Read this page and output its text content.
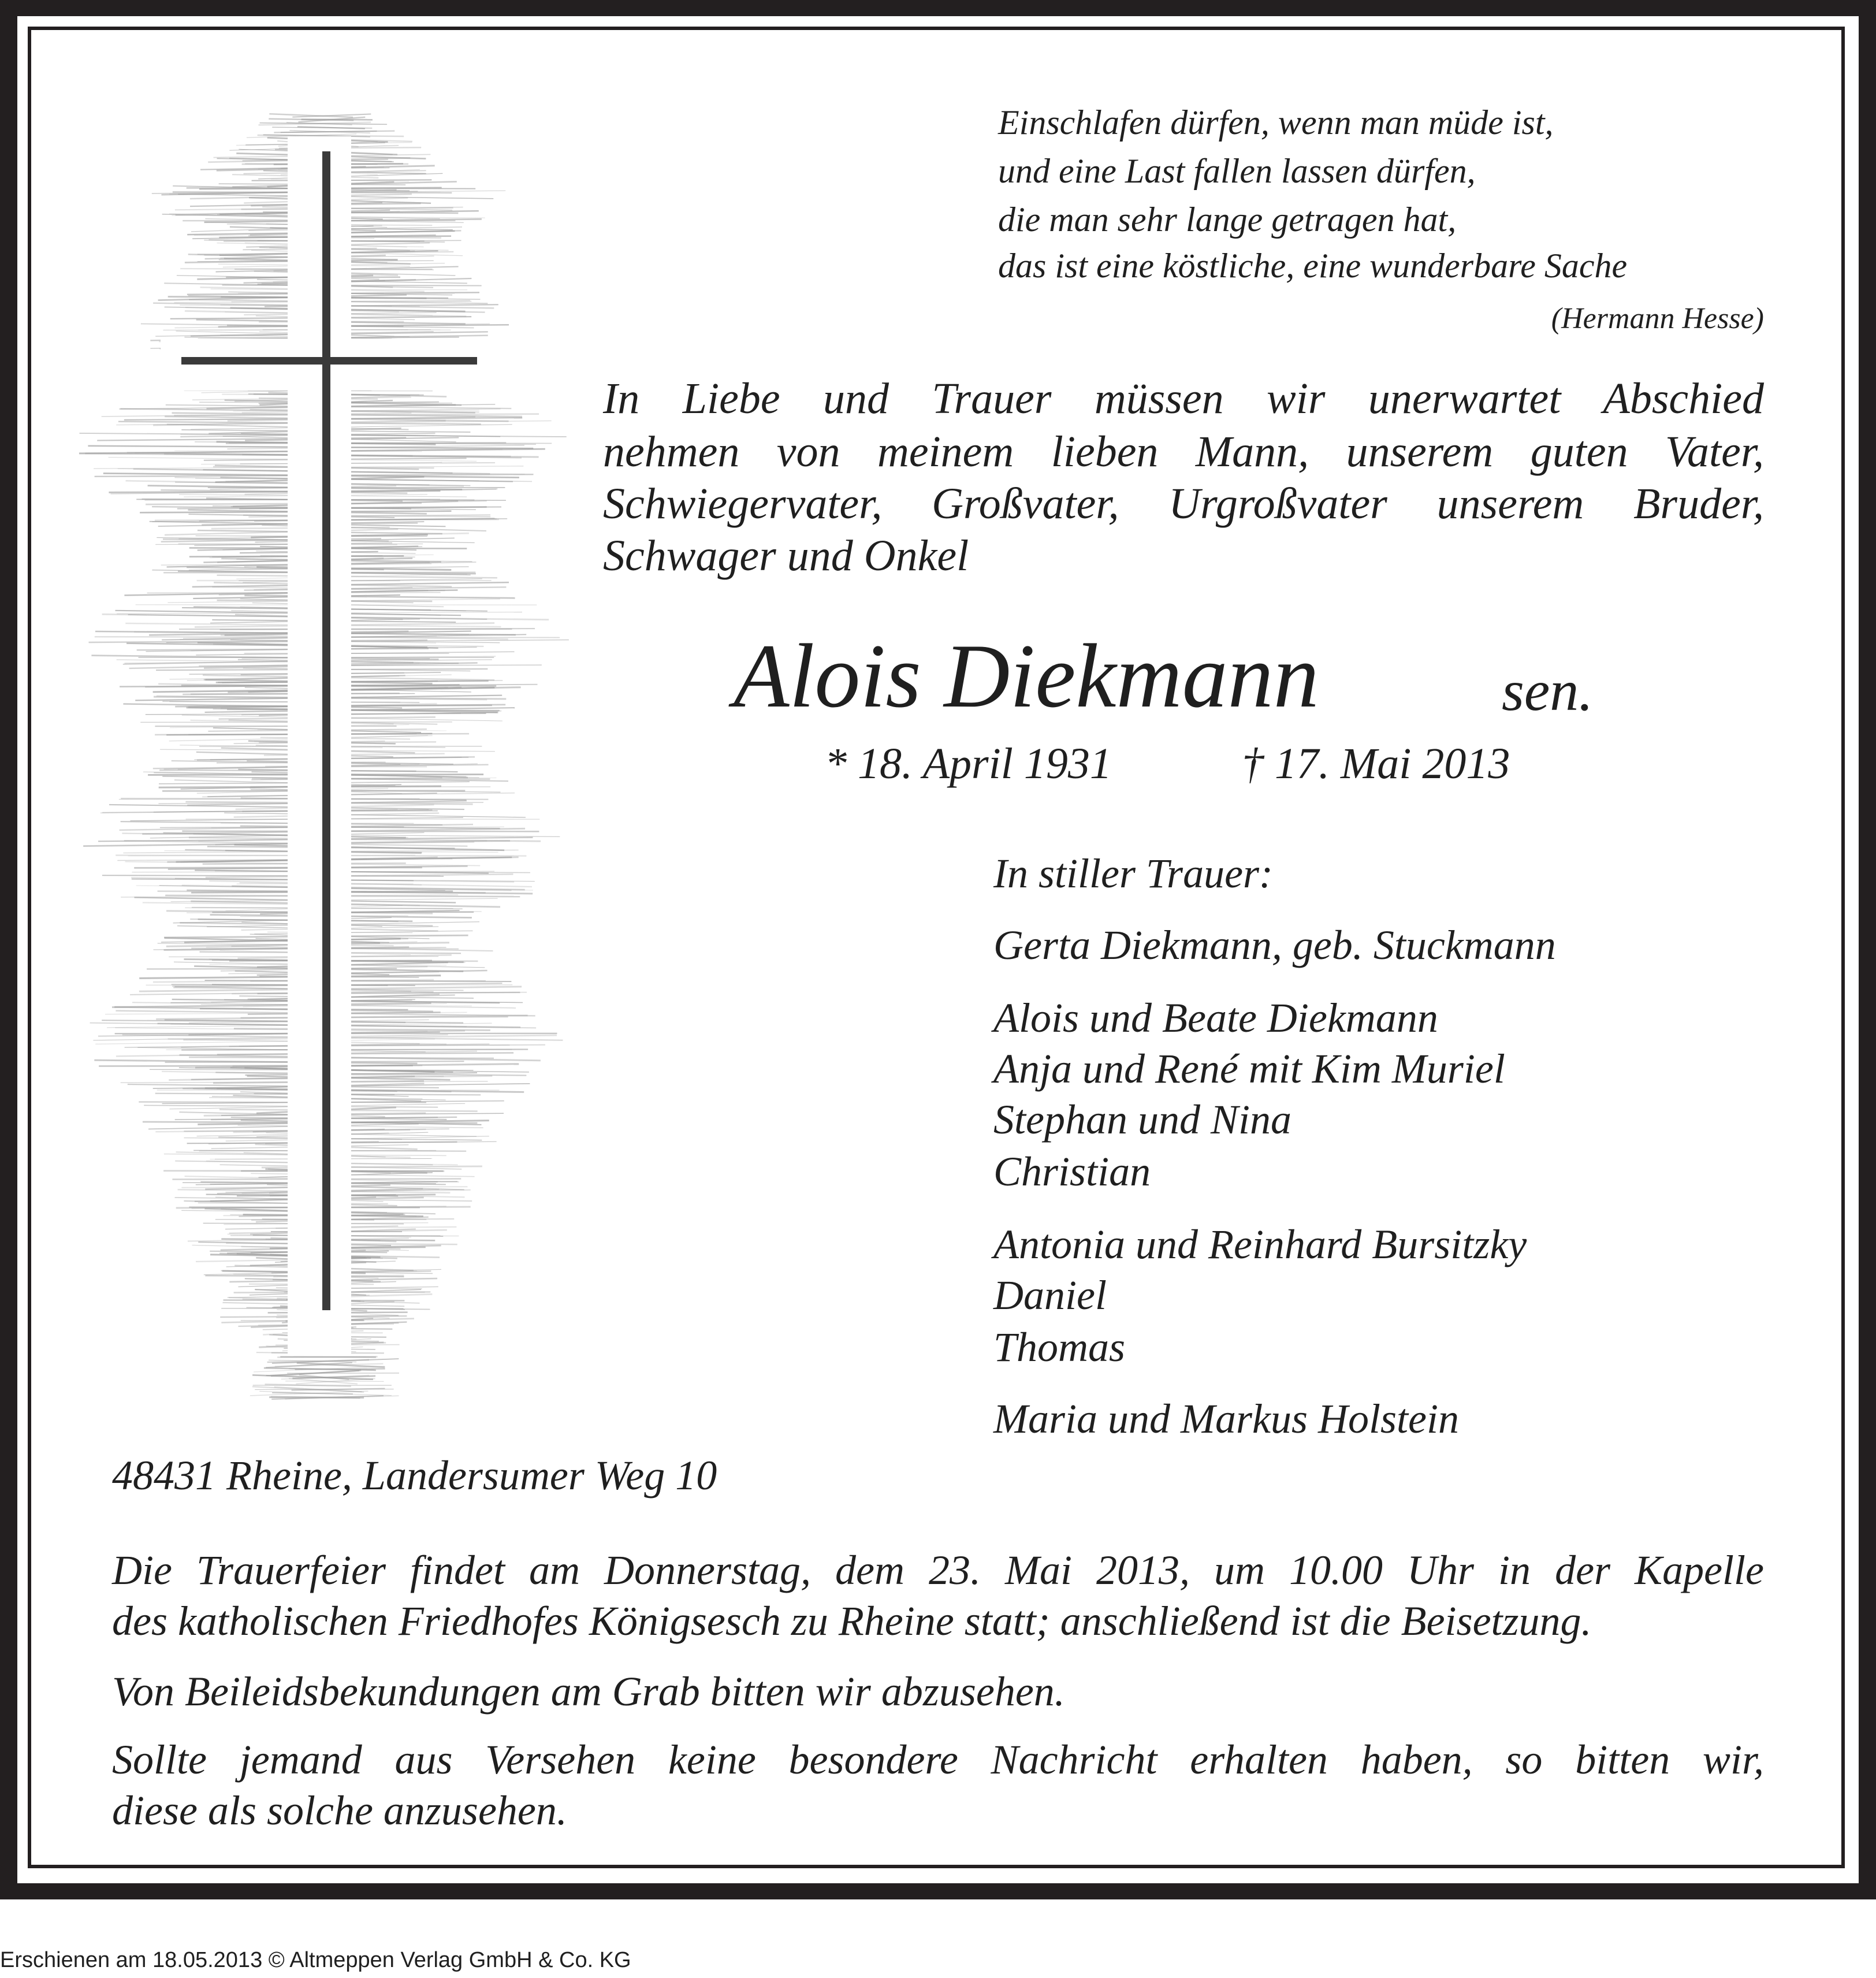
Einschlafen dürfen, wenn man müde ist,
und eine Last fallen lassen dürfen,
die man sehr lange getragen hat,
das ist eine köstliche, eine wunderbare Sache
(Hermann Hesse)
In Liebe und Trauer müssen wir unerwartet Abschied
nehmen von meinem lieben Mann, unserem guten Vater,
Schwiegervater, Großvater, Urgroßvater unserem Bruder,
Schwager und Onkel
Alois Diekmann	sen.
* 18. April 1931	† 17. Mai 2013
In stiller Trauer:
Gerta Diekmann, geb. Stuckmann
Alois und Beate Diekmann
Anja und René mit Kim Muriel
Stephan und Nina
Christian
Antonia und Reinhard Bursitzky
Daniel
Thomas
Maria und Markus Holstein
48431 Rheine, Landersumer Weg 10
Die Trauerfeier findet am Donnerstag, dem 23. Mai 2013, um 10.00 Uhr in der Kapelle
des katholischen Friedhofes Königsesch zu Rheine statt; anschließend ist die Beisetzung.
Von Beileidsbekundungen am Grab bitten wir abzusehen.
Sollte jemand aus Versehen keine besondere Nachricht erhalten haben, so bitten wir,
diese als solche anzusehen.
Erschienen am 18.05.2013 © Altmeppen Verlag GmbH & Co. KG
